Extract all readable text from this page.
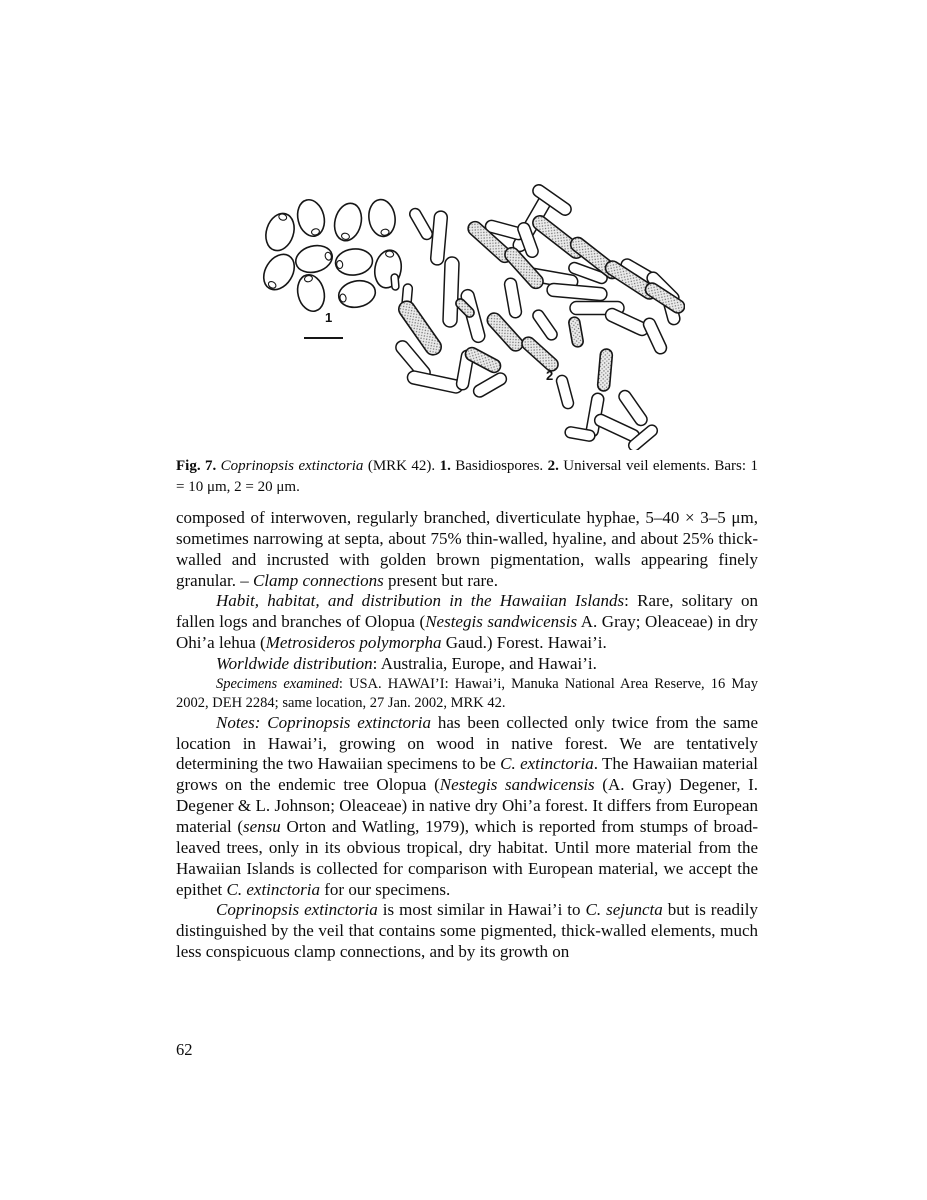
1
2
Fig. 7. Coprinopsis extinctoria (MRK 42). 1. Basidiospores. 2. Universal veil elements. Bars: 1 = 10 μm, 2 = 20 μm.

composed of interwoven, regularly branched, diverticulate hyphae, 5–40 × 3–5 μm, sometimes narrowing at septa, about 75% thin-walled, hyaline, and about 25% thick-walled and incrusted with golden brown pigmentation, walls appearing finely granular. – Clamp connections present but rare.

Habit, habitat, and distribution in the Hawaiian Islands: Rare, solitary on fallen logs and branches of Olopua (Nestegis sandwicensis A. Gray; Oleaceae) in dry Ohi’a lehua (Metrosideros polymorpha Gaud.) Forest. Hawai’i.

Worldwide distribution: Australia, Europe, and Hawai’i.

Specimens examined: USA. HAWAI’I: Hawai’i, Manuka National Area Reserve, 16 May 2002, DEH 2284; same location, 27 Jan. 2002, MRK 42.

Notes: Coprinopsis extinctoria has been collected only twice from the same location in Hawai’i, growing on wood in native forest. We are tentatively determining the two Hawaiian specimens to be C. extinctoria. The Hawaiian material grows on the endemic tree Olopua (Nestegis sandwicensis (A. Gray) Degener, I. Degener & L. Johnson; Oleaceae) in native dry Ohi’a forest. It differs from European material (sensu Orton and Watling, 1979), which is reported from stumps of broad-leaved trees, only in its obvious tropical, dry habitat. Until more material from the Hawaiian Islands is collected for comparison with European material, we accept the epithet C. extinctoria for our specimens.

Coprinopsis extinctoria is most similar in Hawai’i to C. sejuncta but is readily distinguished by the veil that contains some pigmented, thick-walled elements, much less conspicuous clamp connections, and by its growth on

62
